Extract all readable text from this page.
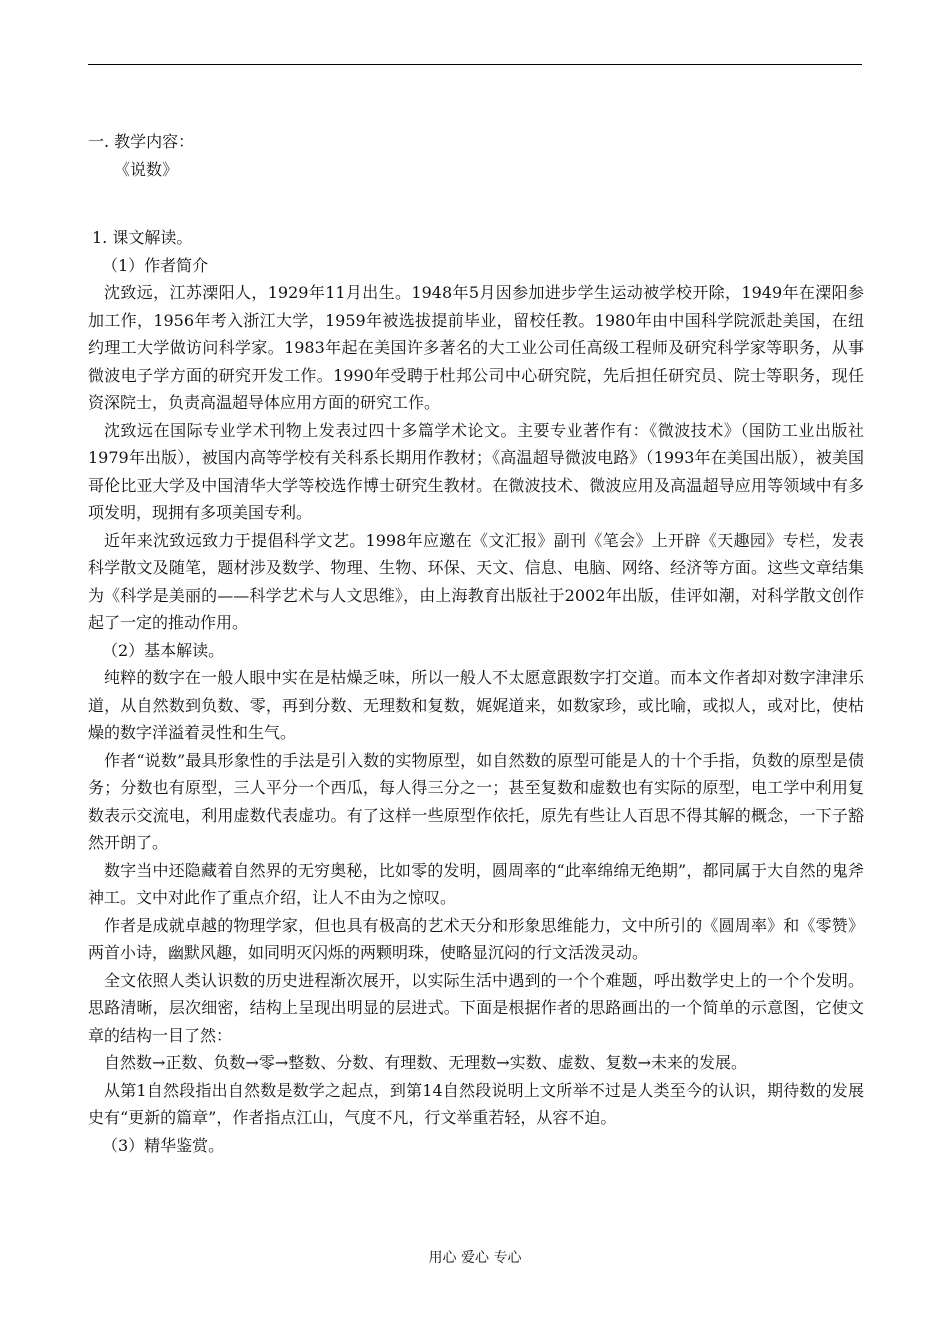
一. 教学内容：

《说数》

1. 课文解读。

（1）作者简介

沈致远，江苏溧阳人，1929年11月出生。1948年5月因参加进步学生运动被学校开除，1949年在溧阳参加工作，1956年考入浙江大学，1959年被选拔提前毕业，留校任教。1980年由中国科学院派赴美国，在纽约理工大学做访问科学家。1983年起在美国许多著名的大工业公司任高级工程师及研究科学家等职务，从事微波电子学方面的研究开发工作。1990年受聘于杜邦公司中心研究院，先后担任研究员、院士等职务，现任资深院士，负责高温超导体应用方面的研究工作。

沈致远在国际专业学术刊物上发表过四十多篇学术论文。主要专业著作有：《微波技术》（国防工业出版社1979年出版），被国内高等学校有关科系长期用作教材；《高温超导微波电路》（1993年在美国出版），被美国哥伦比亚大学及中国清华大学等校选作博士研究生教材。在微波技术、微波应用及高温超导应用等领域中有多项发明，现拥有多项美国专利。

近年来沈致远致力于提倡科学文艺。1998年应邀在《文汇报》副刊《笔会》上开辟《天趣园》专栏，发表科学散文及随笔，题材涉及数学、物理、生物、环保、天文、信息、电脑、网络、经济等方面。这些文章结集为《科学是美丽的——科学艺术与人文思维》，由上海教育出版社于2002年出版，佳评如潮，对科学散文创作起了一定的推动作用。

（2）基本解读。

纯粹的数字在一般人眼中实在是枯燥乏味，所以一般人不太愿意跟数字打交道。而本文作者却对数字津津乐道，从自然数到负数、零，再到分数、无理数和复数，娓娓道来，如数家珍，或比喻，或拟人，或对比，使枯燥的数字洋溢着灵性和生气。

作者“说数”最具形象性的手法是引入数的实物原型，如自然数的原型可能是人的十个手指，负数的原型是债务；分数也有原型，三人平分一个西瓜，每人得三分之一；甚至复数和虚数也有实际的原型，电工学中利用复数表示交流电，利用虚数代表虚功。有了这样一些原型作依托，原先有些让人百思不得其解的概念，一下子豁然开朗了。

数字当中还隐藏着自然界的无穷奥秘，比如零的发明，圆周率的“此率绵绵无绝期”，都同属于大自然的鬼斧神工。文中对此作了重点介绍，让人不由为之惊叹。

作者是成就卓越的物理学家，但也具有极高的艺术天分和形象思维能力，文中所引的《圆周率》和《零赞》两首小诗，幽默风趣，如同明灭闪烁的两颗明珠，使略显沉闷的行文活泼灵动。

全文依照人类认识数的历史进程渐次展开，以实际生活中遇到的一个个难题，呼出数学史上的一个个发明。思路清晰，层次细密，结构上呈现出明显的层进式。下面是根据作者的思路画出的一个简单的示意图，它使文章的结构一目了然：

自然数→正数、负数→零→整数、分数、有理数、无理数→实数、虚数、复数→未来的发展。

从第1自然段指出自然数是数学之起点，到第14自然段说明上文所举不过是人类至今的认识，期待数的发展史有“更新的篇章”，作者指点江山，气度不凡，行文举重若轻，从容不迫。

（3）精华鉴赏。

用心 爱心 专心
